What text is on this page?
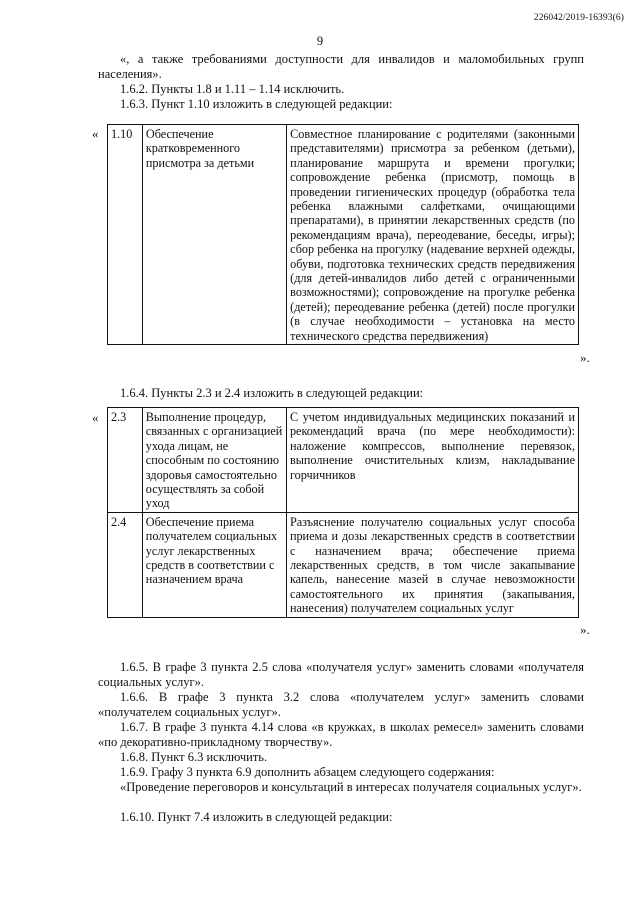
226042/2019-16393(6)
9

«, а также требованиями доступности для инвалидов и маломобильных групп населения».

1.6.2. Пункты 1.8 и 1.11 – 1.14 исключить.

1.6.3. Пункт 1.10 изложить в следующей редакции:

« 1.10	Обеспечение кратковременного присмотра за детьми	Совместное планирование с родителями (законными представителями) присмотра за ребенком (детьми), планирование маршрута и времени прогулки; сопровождение ребенка (присмотр, помощь в проведении гигиенических процедур (обработка тела ребенка влажными салфетками, очищающими препаратами), в принятии лекарственных средств (по рекомендациям врача), переодевание, беседы, игры); сбор ребенка на прогулку (надевание верхней одежды, обуви, подготовка технических средств передвижения (для детей-инвалидов либо детей с ограниченными возможностями); сопровождение на прогулке ребенка (детей); переодевание ребенка (детей) после прогулки (в случае необходимости – установка на место технического средства передвижения)
».

1.6.4. Пункты 2.3 и 2.4 изложить в следующей редакции:

« 2.3	Выполнение процедур, связанных с организацией ухода лицам, не способным по состоянию здоровья самостоятельно осуществлять за собой уход	С учетом индивидуальных медицинских показаний и рекомендаций врача (по мере необходимости): наложение компрессов, выполнение перевязок, выполнение очистительных клизм, накладывание горчичников
2.4	Обеспечение приема получателем социальных услуг лекарственных средств в соответствии с назначением врача	Разъяснение получателю социальных услуг способа приема и дозы лекарственных средств в соответствии с назначением врача; обеспечение приема лекарственных средств, в том числе закапывание капель, нанесение мазей в случае невозможности самостоятельного их принятия (закапывания, нанесения) получателем социальных услуг
».

1.6.5. В графе 3 пункта 2.5 слова «получателя услуг» заменить словами «получателя социальных услуг».

1.6.6. В графе 3 пункта 3.2 слова «получателем услуг» заменить словами «получателем социальных услуг».

1.6.7. В графе 3 пункта 4.14 слова «в кружках, в школах ремесел» заменить словами «по декоративно-прикладному творчеству».

1.6.8. Пункт 6.3 исключить.

1.6.9. Графу 3 пункта 6.9 дополнить абзацем следующего содержания:

«Проведение переговоров и консультаций в интересах получателя социальных услуг».

1.6.10. Пункт 7.4 изложить в следующей редакции:
